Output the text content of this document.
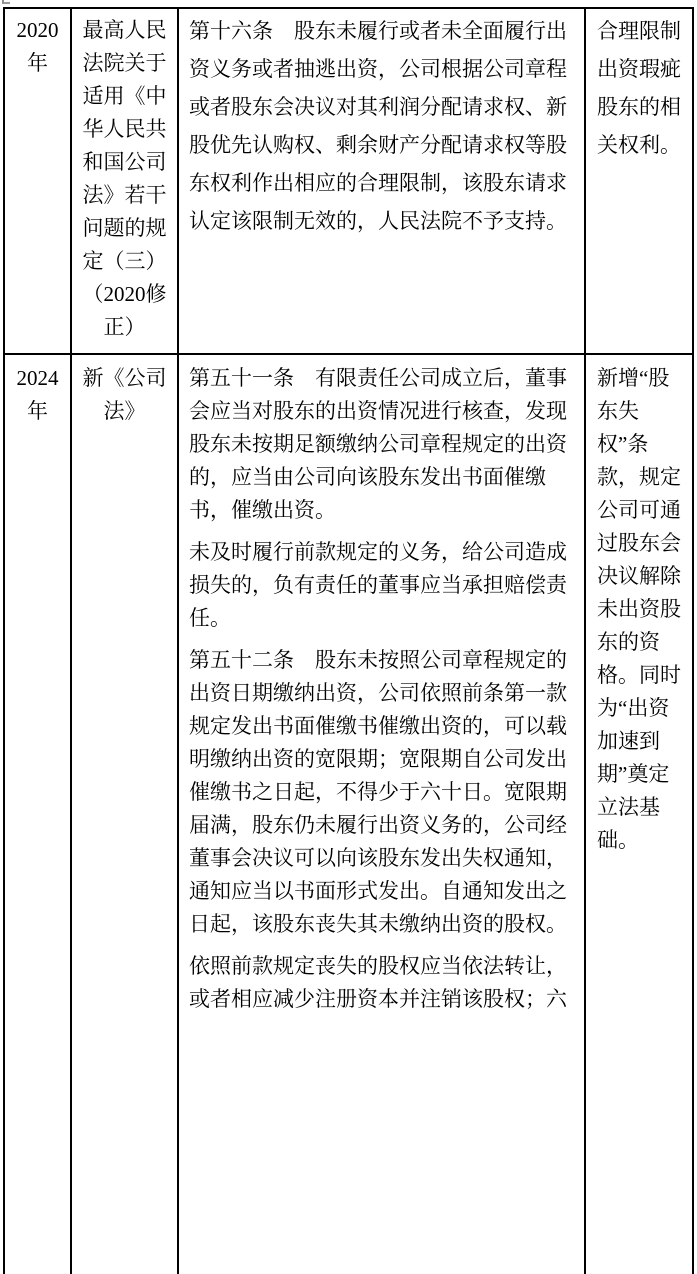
2020年	最高人民法院关于适用《中华人民共和国公司法》若干问题的规定（三）（2020修正）	第十六条　股东未履行或者未全面履行出资义务或者抽逃出资，公司根据公司章程或者股东会决议对其利润分配请求权、新股优先认购权、剩余财产分配请求权等股东权利作出相应的合理限制，该股东请求认定该限制无效的，人民法院不予支持。	合理限制出资瑕疵股东的相关权利。
2024年	新《公司法》	第五十一条　有限责任公司成立后，董事会应当对股东的出资情况进行核查，发现股东未按期足额缴纳公司章程规定的出资的，应当由公司向该股东发出书面催缴书，催缴出资。

未及时履行前款规定的义务，给公司造成损失的，负有责任的董事应当承担赔偿责任。

第五十二条　股东未按照公司章程规定的出资日期缴纳出资，公司依照前条第一款规定发出书面催缴书催缴出资的，可以载明缴纳出资的宽限期；宽限期自公司发出催缴书之日起，不得少于六十日。宽限期届满，股东仍未履行出资义务的，公司经董事会决议可以向该股东发出失权通知，通知应当以书面形式发出。自通知发出之日起，该股东丧失其未缴纳出资的股权。

依照前款规定丧失的股权应当依法转让，或者相应减少注册资本并注销该股权；六	新增“股东失权”条款，规定公司可通过股东会决议解除未出资股东的资格。同时为“出资加速到期”奠定立法基础。
